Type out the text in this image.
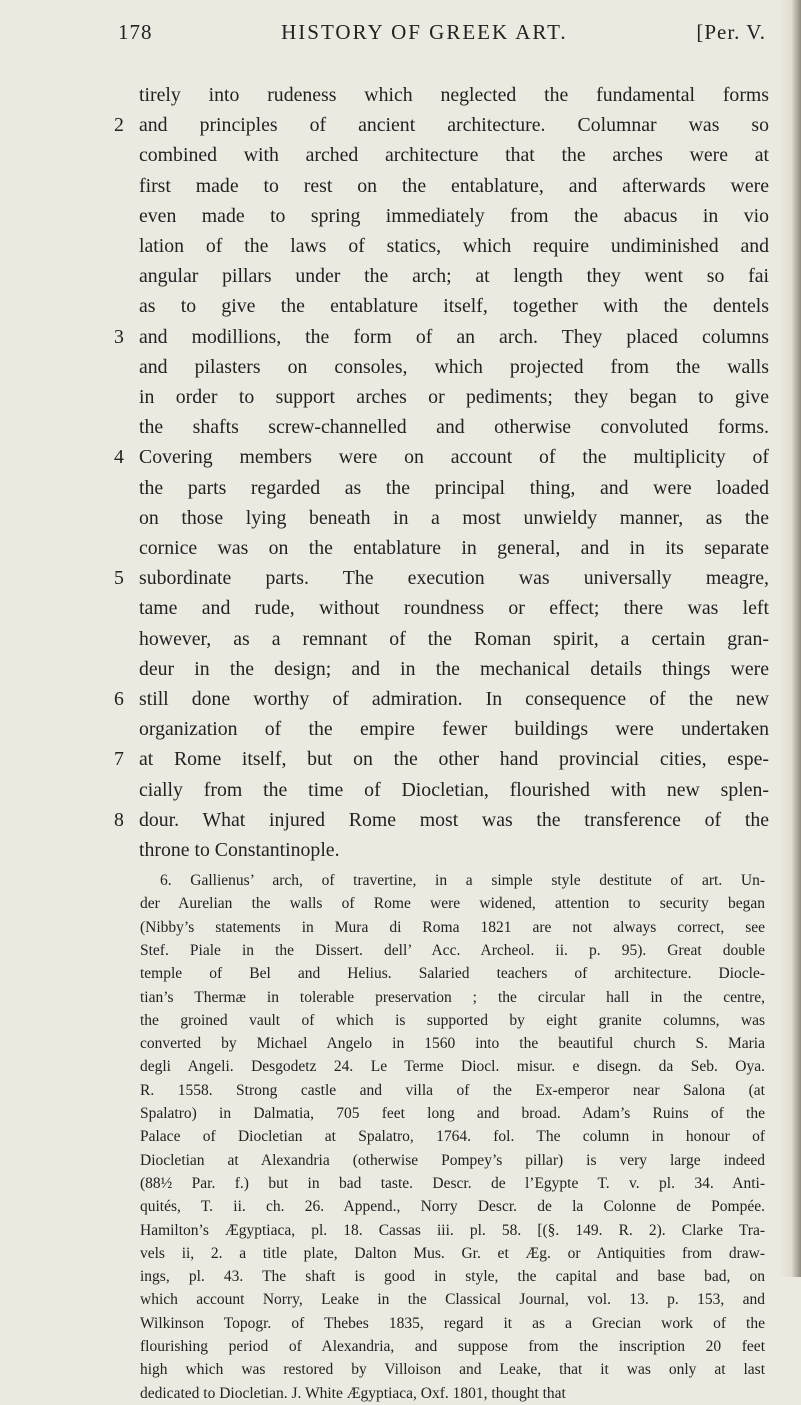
178	HISTORY OF GREEK ART.	[Per. V.
tirely into rudeness which neglected the fundamental forms
2 and principles of ancient architecture. Columnar was so
combined with arched architecture that the arches were at
first made to rest on the entablature, and afterwards were
even made to spring immediately from the abacus in vio
lation of the laws of statics, which require undiminished and
angular pillars under the arch; at length they went so fai
as to give the entablature itself, together with the dentels
3 and modillions, the form of an arch. They placed columns
and pilasters on consoles, which projected from the walls
in order to support arches or pediments; they began to give
the shafts screw-channelled and otherwise convoluted forms.
4 Covering members were on account of the multiplicity of
the parts regarded as the principal thing, and were loaded
on those lying beneath in a most unwieldy manner, as the
cornice was on the entablature in general, and in its separate
5 subordinate parts. The execution was universally meagre,
tame and rude, without roundness or effect; there was left
however, as a remnant of the Roman spirit, a certain gran-
deur in the design; and in the mechanical details things were
6 still done worthy of admiration. In consequence of the new
organization of the empire fewer buildings were undertaken
7 at Rome itself, but on the other hand provincial cities, espe-
cially from the time of Diocletian, flourished with new splen-
8 dour. What injured Rome most was the transference of the
throne to Constantinople.
6. Gallienus’ arch, of travertine, in a simple style destitute of art. Un-
der Aurelian the walls of Rome were widened, attention to security began
(Nibby’s statements in Mura di Roma 1821 are not always correct, see
Stef. Piale in the Dissert. dell’ Acc. Archeol. ii. p. 95). Great double
temple of Bel and Helius. Salaried teachers of architecture. Diocle-
tian’s Thermæ in tolerable preservation ; the circular hall in the centre,
the groined vault of which is supported by eight granite columns, was
converted by Michael Angelo in 1560 into the beautiful church S. Maria
degli Angeli. Desgodetz 24. Le Terme Diocl. misur. e disegn. da Seb. Oya.
R. 1558. Strong castle and villa of the Ex-emperor near Salona (at
Spalatro) in Dalmatia, 705 feet long and broad. Adam’s Ruins of the
Palace of Diocletian at Spalatro, 1764. fol. The column in honour of
Diocletian at Alexandria (otherwise Pompey’s pillar) is very large indeed
(88½ Par. f.) but in bad taste. Descr. de l’Egypte T. v. pl. 34. Anti-
quités, T. ii. ch. 26. Append., Norry Descr. de la Colonne de Pompée.
Hamilton’s Ægyptiaca, pl. 18. Cassas iii. pl. 58. [(§. 149. R. 2). Clarke Tra-
vels ii, 2. a title plate, Dalton Mus. Gr. et Æg. or Antiquities from draw-
ings, pl. 43. The shaft is good in style, the capital and base bad, on
which account Norry, Leake in the Classical Journal, vol. 13. p. 153, and
Wilkinson Topogr. of Thebes 1835, regard it as a Grecian work of the
flourishing period of Alexandria, and suppose from the inscription 20 feet
high which was restored by Villoison and Leake, that it was only at last
dedicated to Diocletian. J. White Ægyptiaca, Oxf. 1801, thought that
